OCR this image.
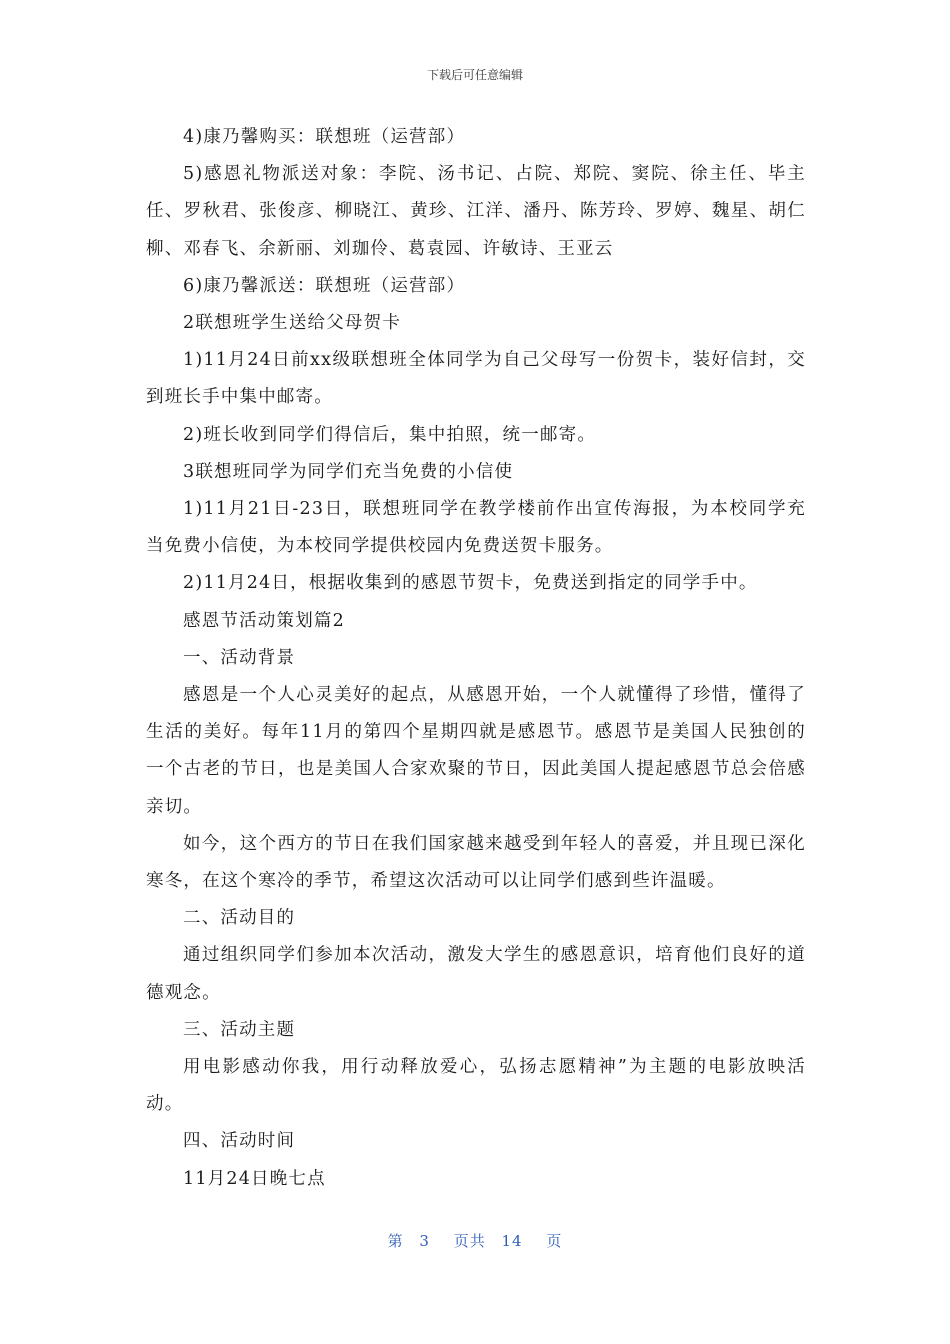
下载后可任意编辑

4)康乃馨购买：联想班（运营部）

5)感恩礼物派送对象：李院、汤书记、占院、郑院、窦院、徐主任、毕主任、罗秋君、张俊彦、柳晓江、黄珍、江洋、潘丹、陈芳玲、罗婷、魏星、胡仁柳、邓春飞、余新丽、刘珈伶、葛袁园、许敏诗、王亚云

6)康乃馨派送：联想班（运营部）

2联想班学生送给父母贺卡

1)11月24日前xx级联想班全体同学为自己父母写一份贺卡，装好信封，交到班长手中集中邮寄。

2)班长收到同学们得信后，集中拍照，统一邮寄。

3联想班同学为同学们充当免费的小信使

1)11月21日-23日，联想班同学在教学楼前作出宣传海报，为本校同学充当免费小信使，为本校同学提供校园内免费送贺卡服务。

2)11月24日，根据收集到的感恩节贺卡，免费送到指定的同学手中。

感恩节活动策划篇2

一、活动背景

感恩是一个人心灵美好的起点，从感恩开始，一个人就懂得了珍惜，懂得了生活的美好。每年11月的第四个星期四就是感恩节。感恩节是美国人民独创的一个古老的节日，也是美国人合家欢聚的节日，因此美国人提起感恩节总会倍感亲切。

如今，这个西方的节日在我们国家越来越受到年轻人的喜爱，并且现已深化寒冬，在这个寒冷的季节，希望这次活动可以让同学们感到些许温暖。

二、活动目的

通过组织同学们参加本次活动，激发大学生的感恩意识，培育他们良好的道德观念。

三、活动主题

用电影感动你我，用行动释放爱心，弘扬志愿精神”为主题的电影放映活动。

四、活动时间

11月24日晚七点

第 3 页共 14 页
